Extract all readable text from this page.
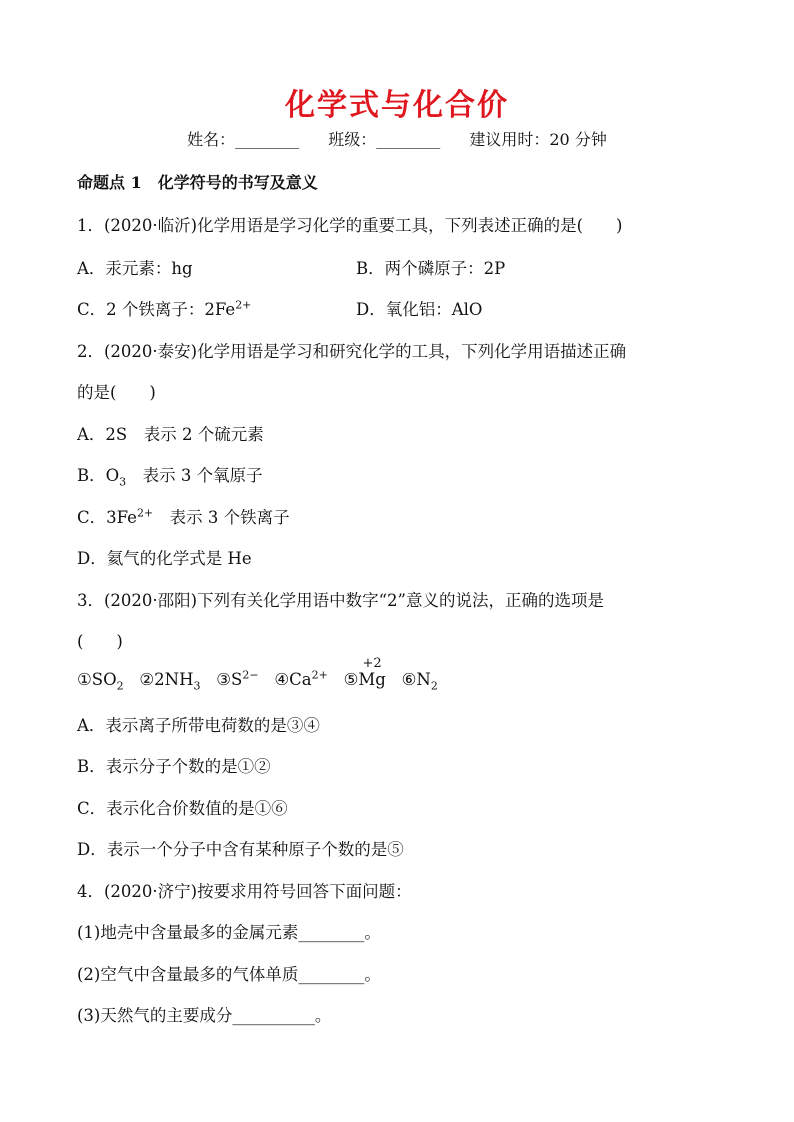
化学式与化合价
姓名：________ 班级：________ 建议用时：20 分钟
命题点 1　化学符号的书写及意义
1．(2020·临沂)化学用语是学习化学的重要工具，下列表述正确的是(　　)
A．汞元素：hg	B．两个磷原子：2P
C．2 个铁离子：$2Fe^{2+}$	D．氧化铝：AlO
2．(2020·泰安)化学用语是学习和研究化学的工具，下列化学用语描述正确
的是(　　)
A．2S　表示 2 个硫元素
B．$O_3$　表示 3 个氧原子
C．$3Fe^{2+}$　表示 3 个铁离子
D．氦气的化学式是 He
3．(2020·邵阳)下列有关化学用语中数字“2”意义的说法，正确的选项是
(　　)
$①SO_2$ $②2NH_3$ $③S^{2-}$ $④Ca^{2+}$ ⑤
+2
Mg $⑥N_2$
A．表示离子所带电荷数的是③④
B．表示分子个数的是①②
C．表示化合价数值的是①⑥
D．表示一个分子中含有某种原子个数的是⑤
4．(2020·济宁)按要求用符号回答下面问题：
(1)地壳中含量最多的金属元素________。
(2)空气中含量最多的气体单质________。
(3)天然气的主要成分__________。
